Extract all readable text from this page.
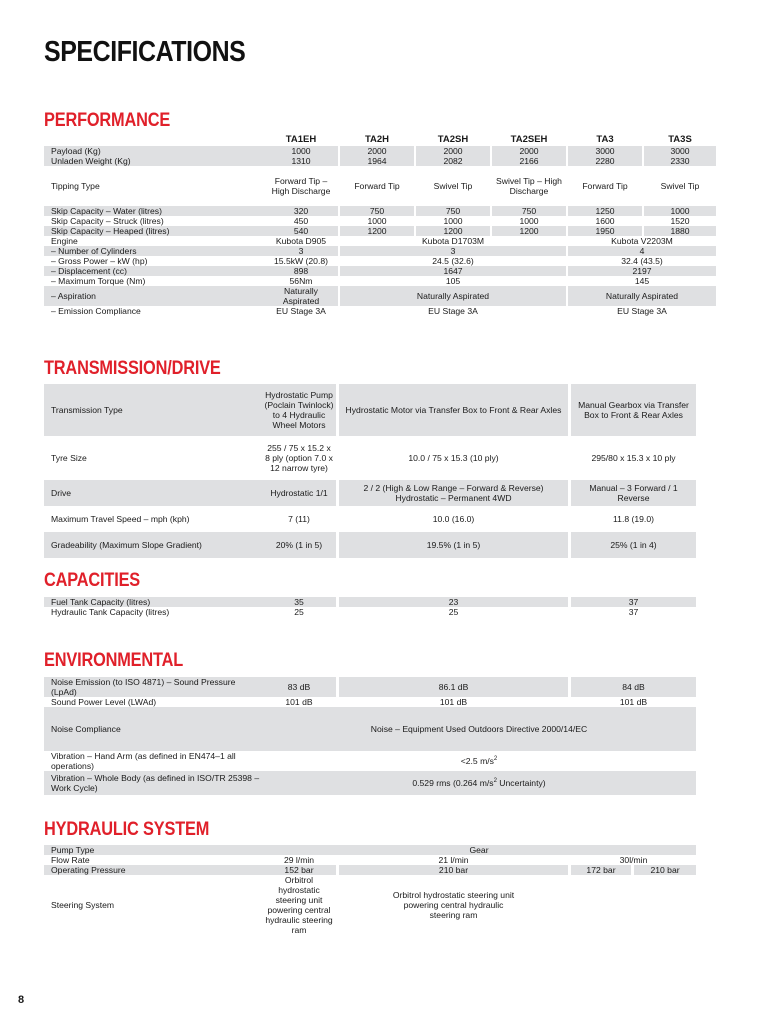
SPECIFICATIONS
PERFORMANCE
	TA1EH		TA2H		TA2SH		TA2SEH		TA3		TA3S
Payload (Kg)	1000		2000		2000		2000		3000		3000
Unladen Weight (Kg)	1310		1964		2082		2166		2280		2330
Tipping Type	Forward Tip – High Discharge		Forward Tip		Swivel Tip		Swivel Tip – High Discharge		Forward Tip		Swivel Tip
Skip Capacity – Water (litres)	320		750		750		750		1250		1000
Skip Capacity – Struck (litres)	450		1000		1000		1000		1600		1520
Skip Capacity – Heaped (litres)	540		1200		1200		1200		1950		1880
Engine	Kubota D905		Kubota D1703M						Kubota V2203M		
– Number of Cylinders	3		3						4		
– Gross Power – kW (hp)	15.5kW (20.8)		24.5 (32.6)						32.4 (43.5)		
– Displacement (cc)	898		1647						2197		
– Maximum Torque (Nm)	56Nm		105						145		
– Aspiration	Naturally Aspirated		Naturally Aspirated						Naturally Aspirated		
– Emission Compliance	EU Stage 3A		EU Stage 3A						EU Stage 3A		
TRANSMISSION/DRIVE
Transmission Type	Hydrostatic Pump (Poclain Twinlock) to 4 Hydraulic Wheel Motors		Hydrostatic Motor via Transfer Box to Front & Rear Axles		Manual Gearbox via Transfer Box to Front & Rear Axles
Tyre Size	255 / 75 x 15.2 x 8 ply (option 7.0 x 12 narrow tyre)		10.0 / 75 x 15.3 (10 ply)		295/80 x 15.3 x 10 ply
Drive	Hydrostatic 1/1		2 / 2 (High & Low Range – Forward & Reverse) Hydrostatic – Permanent 4WD		Manual – 3 Forward / 1 Reverse
Maximum Travel Speed – mph (kph)	7 (11)		10.0 (16.0)		11.8 (19.0)
Gradeability (Maximum Slope Gradient)	20% (1 in 5)		19.5% (1 in 5)		25% (1 in 4)
CAPACITIES
Fuel Tank Capacity (litres)	35		23		37
Hydraulic Tank Capacity (litres)	25		25		37
ENVIRONMENTAL
Noise Emission (to ISO 4871) – Sound Pressure (LpAd)	83 dB		86.1 dB		84 dB
Sound Power Level (LWAd)	101 dB		101 dB		101 dB
Noise Compliance	Noise – Equipment Used Outdoors Directive 2000/14/EC				
Vibration – Hand Arm (as defined in EN474–1 all operations)	<2.5 $m/s^2$
Vibration – Whole Body (as defined in ISO/TR 25398 – Work Cycle)	0.529 rms (0.264 $m/s^2$ Uncertainty)				
HYDRAULIC SYSTEM
Pump Type	Gear						
Flow Rate	29 l/min		21 l/min		30l/min		
Operating Pressure	152 bar		210 bar		172 bar		210 bar
Steering System	Orbitrol hydrostatic steering unit powering central hydraulic steering ram		Orbitrol hydrostatic steering unit powering central hydraulic steering ram				
8
